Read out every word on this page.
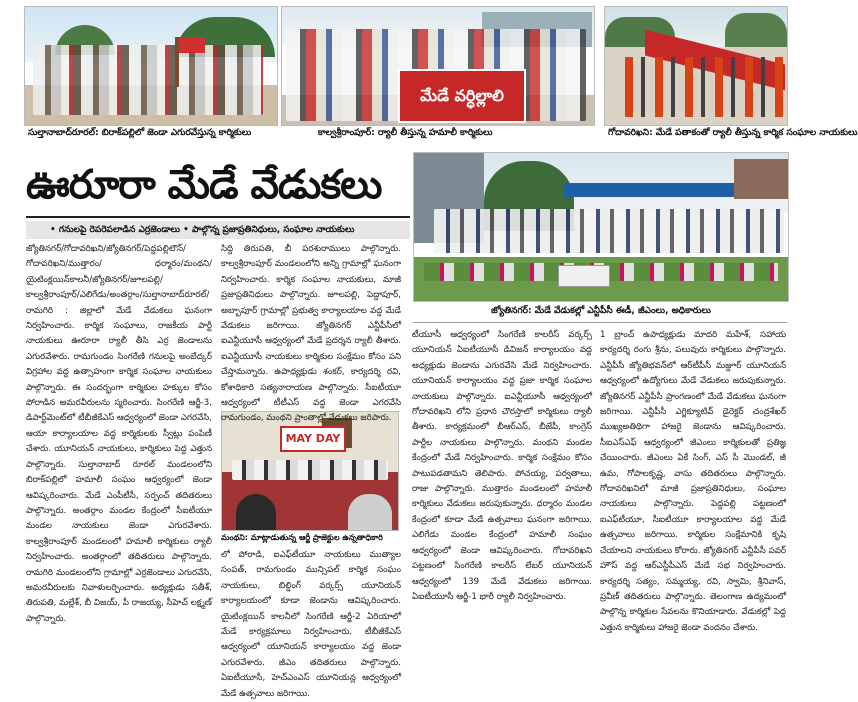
సుల్తానాబాద్‌రూరల్‌: బిరాక్‌పల్లిలో జెండా ఎగురవేస్తున్న కార్మికులు
మేడే వర్ధిల్లాలి
కాల్వశ్రీరాంపూర్‌: ర్యాలీ తీస్తున్న హమాలీ కార్మికులు	గోదావరిఖని: మేడే పతాకంతో ర్యాలీ తీస్తున్న కార్మిక సంఘాల నాయకులు
ఊరూరా మేడే వేడుకలు
• గనులపై రెపరెపలాడిన ఎర్రజెండాలు • పాల్గొన్న ప్రజాప్రతినిధులు, సంఘాల నాయకులు
జ్యోతినగర్‌: మేడే వేడుకల్లో ఎన్టీపీసీ ఈడీ, జీఎంలు, అధికారులు
MAY DAY
మంథని: మాట్లాడుతున్న ఆర్జీ ప్రాజెక్టుల ఉన్నతాధికారి
జ్యోతినగర్‌/గోదావరిఖని/జ్యోతినగర్‌/పెద్దపల్లిటౌన్‌/గోదావరిఖని/ముత్తారం/ ధర్మారం/మంథని/ యైటింక్లయిన్‌కాలనీ/జ్యోతినగర్‌/జూలపల్లి/కాల్వశ్రీరాంపూర్‌/ఎలిగేడు/అంతర్గాం/సుల్తానాబాద్‌రూరల్‌/ రామగిరి : జిల్లాలో మేడే వేడుకలు ఘనంగా నిర్వహించారు. కార్మిక సంఘాలు, రాజకీయ పార్టీ నాయకులు ఊరూరా ర్యాలీ తీసి ఎర్ర జెండాలను ఎగురవేశారు. రామగుండం సింగరేణి గనులపై అంబేద్కర్‌ విగ్రహాల వద్ద ఉత్సాహంగా కార్మిక సంఘాల నాయకులు పాల్గొన్నారు. ఈ సందర్భంగా కార్మికుల హక్కుల కోసం పోరాడిన అమరవీరులను స్మరించారు. సింగరేణి ఆర్జీ-3, డిపార్ట్‌మెంట్‌లో టీబీజీకేఎస్‌ ఆధ్వర్యంలో జెండా ఎగరవేసి, ఆయా కార్యాలయాల వద్ద కార్మికులకు స్వీట్లు పంపిణీ చేశారు. యూనియన్‌ నాయకులు, కార్మికులు పెద్ద ఎత్తున పాల్గొన్నారు. సుల్తానాబాద్‌ రూరల్‌ మండలంలోని బిరాక్‌పల్లిలో హమాలీ సంఘం ఆధ్వర్యంలో జెండా ఆవిష్కరించారు. మేడే ఎంపీటీసీ, సర్పంచ్‌ తదితరులు పాల్గొన్నారు. అంతర్గాం మండల కేంద్రంలో సీఐటీయూ మండల నాయకులు జెండా ఎగురవేశారు. కాల్వశ్రీరాంపూర్‌ మండలంలో హమాలీ కార్మికులు ర్యాలీ నిర్వహించారు. అంతర్గాంలో తదితరులు పాల్గొన్నారు. రామగిరి మండలంలోని గ్రామాల్లో ఎర్రజెండాలు ఎగురవేసి, అమరవీరులకు నివాళులర్పించారు. అధ్యక్షుడు సతీశ్‌, తిరుపతి, మల్లేశ్‌, బీ విజయ్‌, పీ రాజయ్య, సీహెచ్‌ లక్ష్మణ్‌ పాల్గొన్నారు.
సిద్ది తిరుపతి, బీ పరశురాములు పాల్గొన్నారు. కాల్వశ్రీరాంపూర్‌ మండలంలోని అన్ని గ్రామాల్లో ఘనంగా నిర్వహించారు. కార్మిక సంఘాల నాయకులు, మాజీ ప్రజాప్రతినిధులు పాల్గొన్నారు. జూలపల్లి, పెద్దాపూర్‌, అబ్బాపూర్‌ గ్రామాల్లో ప్రభుత్వ కార్యాలయాల వద్ద మేడే వేడుకలు జరిగాయి. జ్యోతినగర్‌ ఎన్టీపీసీలో ఐఎన్టీయూసీ ఆధ్వర్యంలో మేడే ప్రదర్శన ర్యాలీ తీశారు. ఐఎన్టీయూసీ నాయకులు కార్మికుల సంక్షేమం కోసం పని చేస్తామన్నారు. ఉపాధ్యక్షుడు శంకర్‌, కార్యదర్శి రవి, కోశాధికారి సత్యనారాయణ పాల్గొన్నారు. సీఐటీయూ ఆధ్వర్యంలో టీటీఎస్‌ వద్ద జెండా ఎగరవేసి రామగుండం, మంథని ప్రాంతాల్లో వేడుకలు జరిపారు.
లో పోరాడి, ఐఎఫ్‌టీయూ నాయకులు ముత్యాల సంపత్‌, రామగుండం మున్సిపల్‌ కార్మిక సంఘం నాయకులు, బిల్డింగ్‌ వర్కర్స్‌ యూనియన్‌ కార్యాలయంలో కూడా జెండాను ఆవిష్కరించారు. యైటింక్లయిన్‌ కాలనీలో సింగరేణి ఆర్జీ-2 ఏరియాలో మేడే కార్యక్రమాలు నిర్వహించారు. టీబీజీకేఎస్‌ ఆధ్వర్యంలో యూనియన్‌ కార్యాలయం వద్ద జెండా ఎగురవేశారు. జీఎం తదితరులు పాల్గొన్నారు. ఏఐటీయూసీ, హెచ్‌ఎంఎస్‌ యూనియన్ల ఆధ్వర్యంలో మేడే ఉత్సవాలు జరిగాయి.
టీయూసీ ఆధ్వర్యంలో సింగరేణి కాలరీస్‌ వర్కర్స్‌ యూనియన్‌ ఏఐటీయూసీ డివిజన్‌ కార్యాలయం వద్ద అధ్యక్షుడు జెండాను ఎగురవేసి మేడే నిర్వహించారు. యూనియన్‌ కార్యాలయం వద్ద ప్రజా కార్మిక సంఘాల నాయకులు పాల్గొన్నారు. ఐఎన్టీయూసీ ఆధ్వర్యంలో గోదావరిఖని లోని ప్రధాన చౌరస్తాలో కార్మికులు ర్యాలీ తీశారు. కార్యక్రమంలో బీఆర్‌ఎస్‌, బీజేపీ, కాంగ్రెస్‌ పార్టీల నాయకులు పాల్గొన్నారు. మంథని మండల కేంద్రంలో మేడే నిర్వహించారు. కార్మిక సంక్షేమం కోసం పాటుపడతామని తెలిపారు. పోచయ్య, పర్వతాలు, రాజు పాల్గొన్నారు. ముత్తారం మండలంలో హమాలీ కార్మికులు వేడుకలు జరుపుకున్నారు. ధర్మారం మండల కేంద్రంలో కూడా మేడే ఉత్సవాలు ఘనంగా జరిగాయి. ఎలిగేడు మండల కేంద్రంలో హమాలీ సంఘం ఆధ్వర్యంలో జెండా ఆవిష్కరించారు. గోదావరిఖని పట్టణంలో సింగరేణి కాలరీస్‌ లేబర్‌ యూనియన్‌ ఆధ్వర్యంలో 139 మేడే వేడుకలు జరిగాయి. ఏఐటీయూసీ ఆర్జీ-1 భారీ ర్యాలీ నిర్వహించారు.
1 బ్రాంచ్‌ ఉపాధ్యక్షుడు మాదరి మహేశ్‌, సహాయ కార్యదర్శి రంగు శ్రీను, పలువురు కార్మికులు పాల్గొన్నారు. ఎన్టీపీసీ జ్యోతిభవన్‌లో ఆర్‌టీపీసీ మజ్దూర్‌ యూనియన్‌ ఆధ్వర్యంలో ఉద్యోగులు మేడే వేడుకలు జరుపుకున్నారు. జ్యోతినగర్‌ ఎన్టీపీసీ ప్రాంగణంలో మేడే వేడుకలు ఘనంగా జరిగాయి. ఎన్టీపీసీ ఎగ్జిక్యూటివ్‌ డైరెక్టర్‌ చంద్రశేఖర్‌ ముఖ్యఅతిథిగా హాజరై జెండాను ఆవిష్కరించారు. సీఐఎస్‌ఎఫ్‌ ఆధ్వర్యంలో జీఎంలు కార్మికులతో ప్రతిజ్ఞ చేయించారు. జీఎంలు ఏకే సింగ్‌, ఎస్‌ సీ మొండల్‌, జీ ఉమ, గోపాలకృష్ణ, వాసు తదితరులు పాల్గొన్నారు. గోదావరిఖనిలో మాజీ ప్రజాప్రతినిధులు, సంఘాల నాయకులు పాల్గొన్నారు. పెద్దపల్లి పట్టణంలో ఐఎఫ్‌టీయూ, సీఐటీయూ కార్యాలయాల వద్ద మేడే ఉత్సవాలు జరిగాయి. కార్మికుల సంక్షేమానికి కృషి చేయాలని నాయకులు కోరారు. జ్యోతినగర్‌ ఎన్టీపీసీ పవర్‌ హౌస్‌ వద్ద ఆర్‌ఎస్టీపీఎస్‌ మేడే సభ నిర్వహించారు. కార్యదర్శి సత్యం, సమ్మయ్య, రవి, స్వామి, శ్రీనివాస్‌, ప్రవీణ్‌ తదితరులు పాల్గొన్నారు. తెలంగాణ ఉద్యమంలో పాల్గొన్న కార్మికుల సేవలను కొనియాడారు. వేడుకల్లో పెద్ద ఎత్తున కార్మికులు హాజరై జెండా వందనం చేశారు.
